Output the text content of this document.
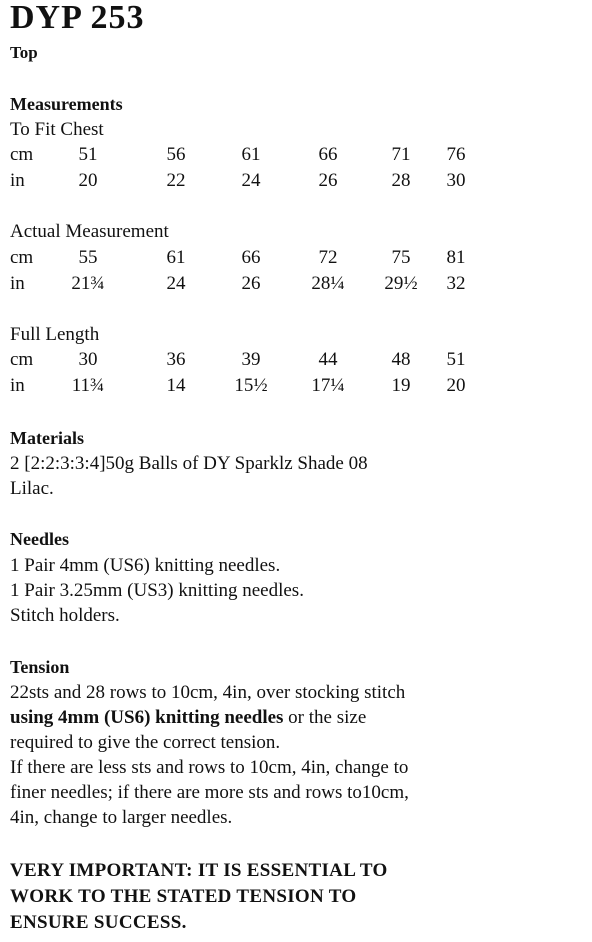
DYP 253
Top
Measurements
To Fit Chest
cm	51	56	61	66	71	76
in	20	22	24	26	28	30
Actual Measurement
cm	55	61	66	72	75	81
in	21¾	24	26	28¼	29½	32
Full Length
cm	30	36	39	44	48	51
in	11¾	14	15½	17¼	19	20
Materials
2 [2:2:3:3:4]50g Balls of DY Sparklz Shade 08
Lilac.
Needles
1 Pair 4mm (US6) knitting needles.
1 Pair 3.25mm (US3) knitting needles.
Stitch holders.
Tension
22sts and 28 rows to 10cm, 4in, over stocking stitch
using 4mm (US6) knitting needles or the size
required to give the correct tension.
If there are less sts and rows to 10cm, 4in, change to
finer needles; if there are more sts and rows to10cm,
4in, change to larger needles.
VERY IMPORTANT: IT IS ESSENTIAL TO
WORK TO THE STATED TENSION TO
ENSURE SUCCESS.
